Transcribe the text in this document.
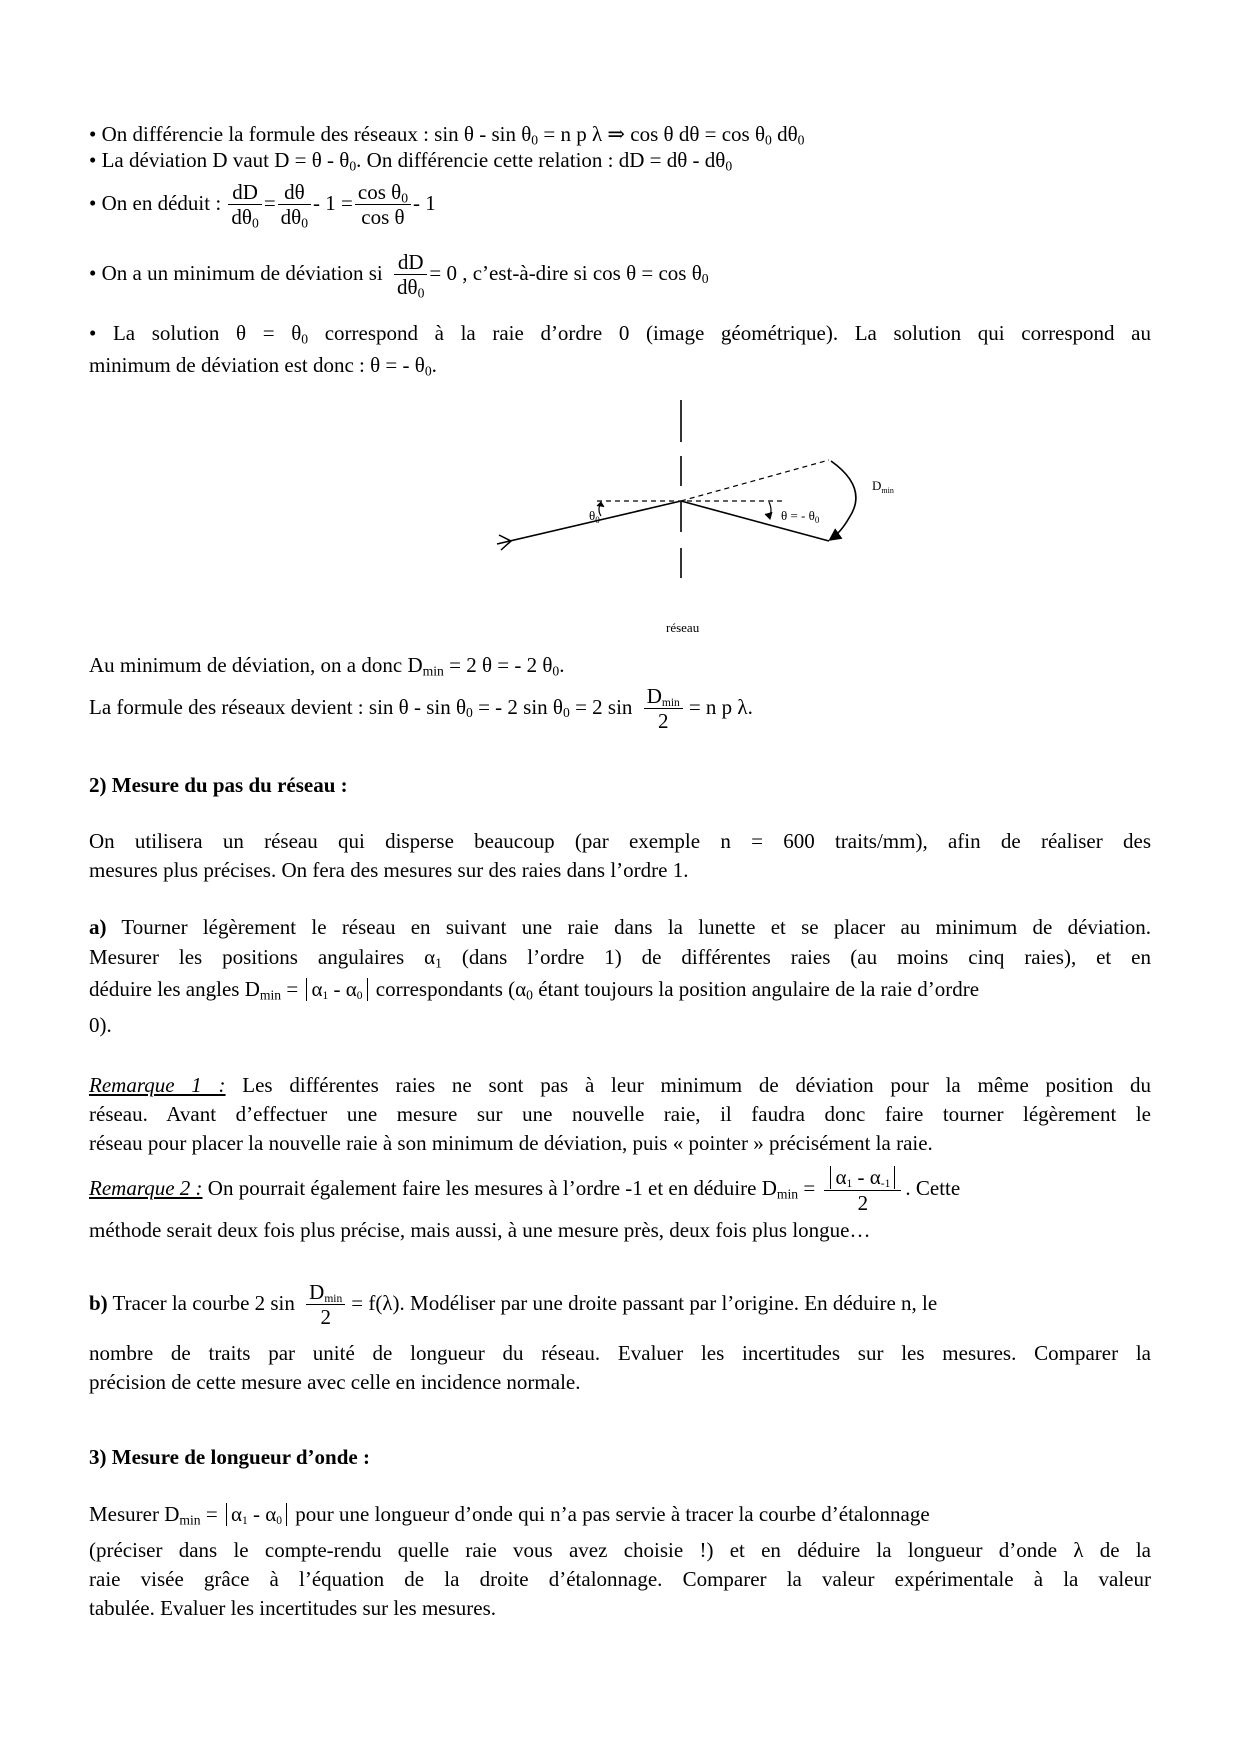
• On différencie la formule des réseaux : $\sin \theta - \sin \theta_0 = n$ p λ ⇒ cos θ $d\theta = \cos \theta_0$ $d\theta_0$
• La déviation D vaut $D = \theta - \theta_0$. On différencie cette relation : dD = dθ - $d\theta_0$
• On en déduit : $\frac{dD}{d\theta_0} = \frac{d\theta}{d\theta_0} - 1 = \frac{\cos \theta_0}{\text{cos θ}} - 1$
• On a un minimum de déviation si $\frac{dD}{d\theta_0} = 0$ , c’est-à-dire si $\cos \theta = \cos \theta_0$
• La solution $\theta = \theta_0$ correspond à la raie d’ordre 0 (image géométrique). La solution qui correspond au
minimum de déviation est donc : θ = - $\theta_0$.
$\theta_0$	θ = - $\theta_0$
$D_{min}$
réseau
Au minimum de déviation, on a donc $D_{min} = 2$ θ = - 2 $\theta_0$.
La formule des réseaux devient : sin θ - $\sin \theta_0$ = - 2 $\sin \theta_0 = 2$ $\sin \frac{D_{min}}{2} = n$ p λ.
2) Mesure du pas du réseau :
On utilisera un réseau qui disperse beaucoup (par exemple n = 600 traits/mm), afin de réaliser des
mesures plus précises. On fera des mesures sur des raies dans l’ordre 1.
a) Tourner légèrement le réseau en suivant une raie dans la lunette et se placer au minimum de déviation.
Mesurer les positions angulaires $\alpha_1$ (dans l’ordre 1) de différentes raies (au moins cinq raies), et en
déduire les angles $D_{min} = \alpha_1 - \alpha_0$ correspondants ($\alpha_0$ étant toujours la position angulaire de la raie d’ordre
0).
Remarque 1 : Les différentes raies ne sont pas à leur minimum de déviation pour la même position du
réseau. Avant d’effectuer une mesure sur une nouvelle raie, il faudra donc faire tourner légèrement le
réseau pour placer la nouvelle raie à son minimum de déviation, puis « pointer » précisément la raie.
Remarque 2 : On pourrait également faire les mesures à l’ordre -1 et en déduire $D_{min} = \frac{\alpha_1 - \alpha_{-1}}{2}$ . Cette
méthode serait deux fois plus précise, mais aussi, à une mesure près, deux fois plus longue…
b) Tracer la courbe 2 $\sin \frac{D_{min}}{2} = f(\lambda)$. Modéliser par une droite passant par l’origine. En déduire n, le
nombre de traits par unité de longueur du réseau. Evaluer les incertitudes sur les mesures. Comparer la
précision de cette mesure avec celle en incidence normale.
3) Mesure de longueur d’onde :
Mesurer $D_{min} = \alpha_1 - \alpha_0$ pour une longueur d’onde qui n’a pas servie à tracer la courbe d’étalonnage
(préciser dans le compte-rendu quelle raie vous avez choisie !) et en déduire la longueur d’onde λ de la
raie visée grâce à l’équation de la droite d’étalonnage. Comparer la valeur expérimentale à la valeur
tabulée. Evaluer les incertitudes sur les mesures.
